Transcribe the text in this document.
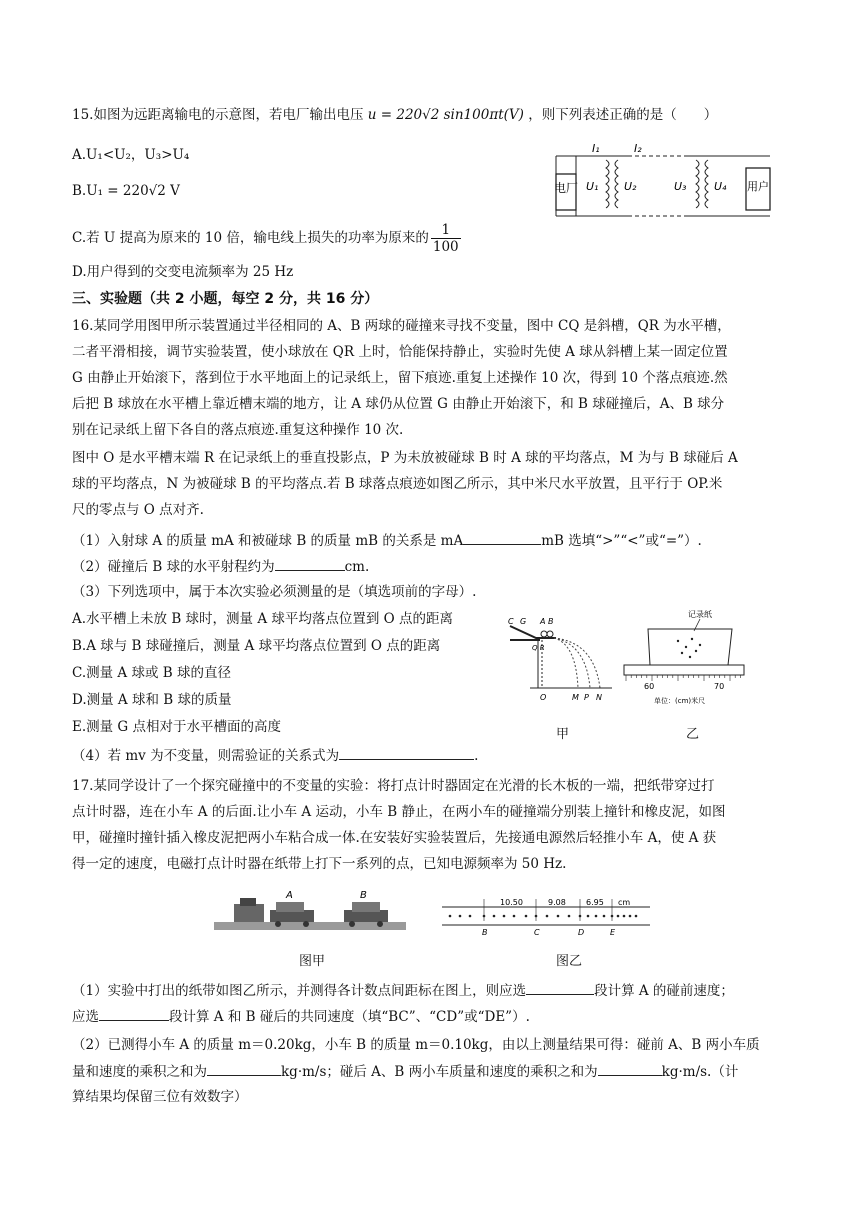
15.如图为远距离输电的示意图，若电厂输出电压 u = 220√2 sin100πt(V) ，则下列表述正确的是（　　）
A.U₁<U₂，U₃>U₄
B.U₁ = 220√2 V
C.若 U 提高为原来的 10 倍，输电线上损失的功率为原来的 $\frac{1}{100}$
D.用户得到的交变电流频率为 25 Hz
电厂 U₁ U₂
I₁	I₂
U₃	U₄ 用户
三、实验题（共 2 小题，每空 2 分，共 16 分）
16.某同学用图甲所示装置通过半径相同的 A、B 两球的碰撞来寻找不变量，图中 CQ 是斜槽，QR 为水平槽，
二者平滑相接，调节实验装置，使小球放在 QR 上时，恰能保持静止，实验时先使 A 球从斜槽上某一固定位置
G 由静止开始滚下，落到位于水平地面上的记录纸上，留下痕迹.重复上述操作 10 次，得到 10 个落点痕迹.然
后把 B 球放在水平槽上靠近槽末端的地方，让 A 球仍从位置 G 由静止开始滚下，和 B 球碰撞后，A、B 球分
别在记录纸上留下各自的落点痕迹.重复这种操作 10 次.
图中 O 是水平槽末端 R 在记录纸上的垂直投影点，P 为未放被碰球 B 时 A 球的平均落点，M 为与 B 球碰后 A
球的平均落点，N 为被碰球 B 的平均落点.若 B 球落点痕迹如图乙所示，其中米尺水平放置，且平行于 OP.米
尺的零点与 O 点对齐.
（1）入射球 A 的质量 mA 和被碰球 B 的质量 mB 的关系是 mA	mB 选填“>”“<”或“=”）.
（2）碰撞后 B 球的水平射程约为	cm.
（3）下列选项中，属于本次实验必须测量的是（填选项前的字母）.
A.水平槽上未放 B 球时，测量 A 球平均落点位置到 O 点的距离
B.A 球与 B 球碰撞后，测量 A 球平均落点位置到 O 点的距离
C.测量 A 球或 B 球的直径
D.测量 A 球和 B 球的质量
E.测量 G 点相对于水平槽面的高度
（4）若 mv 为不变量，则需验证的关系式为	.
C G A B
Q R
O	M P N
记录纸
60	70
单位：(cm)米尺
甲	乙
17.某同学设计了一个探究碰撞中的不变量的实验：将打点计时器固定在光滑的长木板的一端，把纸带穿过打
点计时器，连在小车 A 的后面.让小车 A 运动，小车 B 静止，在两小车的碰撞端分别装上撞针和橡皮泥，如图
甲，碰撞时撞针插入橡皮泥把两小车粘合成一体.在安装好实验装置后，先接通电源然后轻推小车 A，使 A 获
得一定的速度，电磁打点计时器在纸带上打下一系列的点，已知电源频率为 50 Hz.
A	B
10.50	9.08	6.95 cm
B	C	D	E
图甲	图乙
（1）实验中打出的纸带如图乙所示，并测得各计数点间距标在图上，则应选	段计算 A 的碰前速度；
应选	段计算 A 和 B 碰后的共同速度（填“BC”、“CD”或“DE”）.
（2）已测得小车 A 的质量 m＝0.20kg，小车 B 的质量 m＝0.10kg，由以上测量结果可得：碰前 A、B 两小车质
量和速度的乘积之和为	kg·m/s；碰后 A、B 两小车质量和速度的乘积之和为	kg·m/s.（计
算结果均保留三位有效数字）
